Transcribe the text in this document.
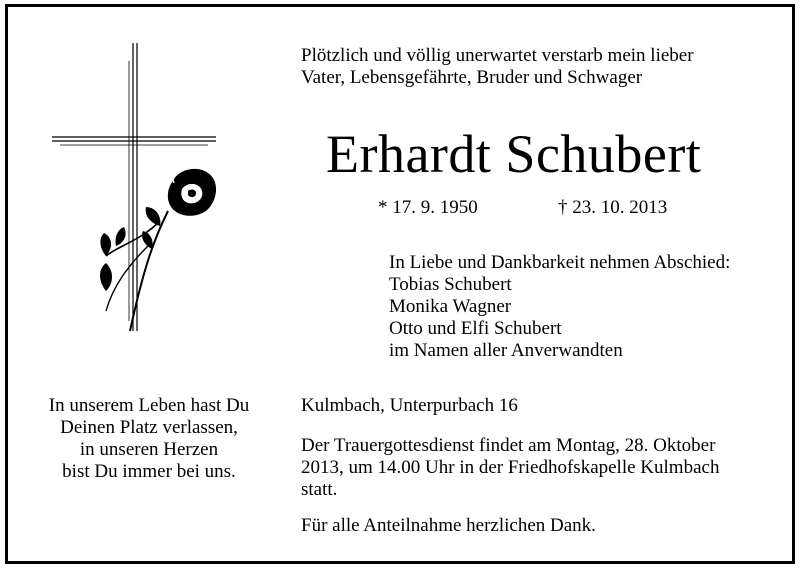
Plötzlich und völlig unerwartet verstarb mein lieber
Vater, Lebensgefährte, Bruder und Schwager
Erhardt Schubert
* 17. 9. 1950	† 23. 10. 2013
In Liebe und Dankbarkeit nehmen Abschied:
Tobias Schubert
Monika Wagner
Otto und Elfi Schubert
im Namen aller Anverwandten
In unserem Leben hast Du
Deinen Platz verlassen,
in unseren Herzen
bist Du immer bei uns.
Kulmbach, Unterpurbach 16
Der Trauergottesdienst findet am Montag, 28. Oktober
2013, um 14.00 Uhr in der Friedhofskapelle Kulmbach
statt.
Für alle Anteilnahme herzlichen Dank.
